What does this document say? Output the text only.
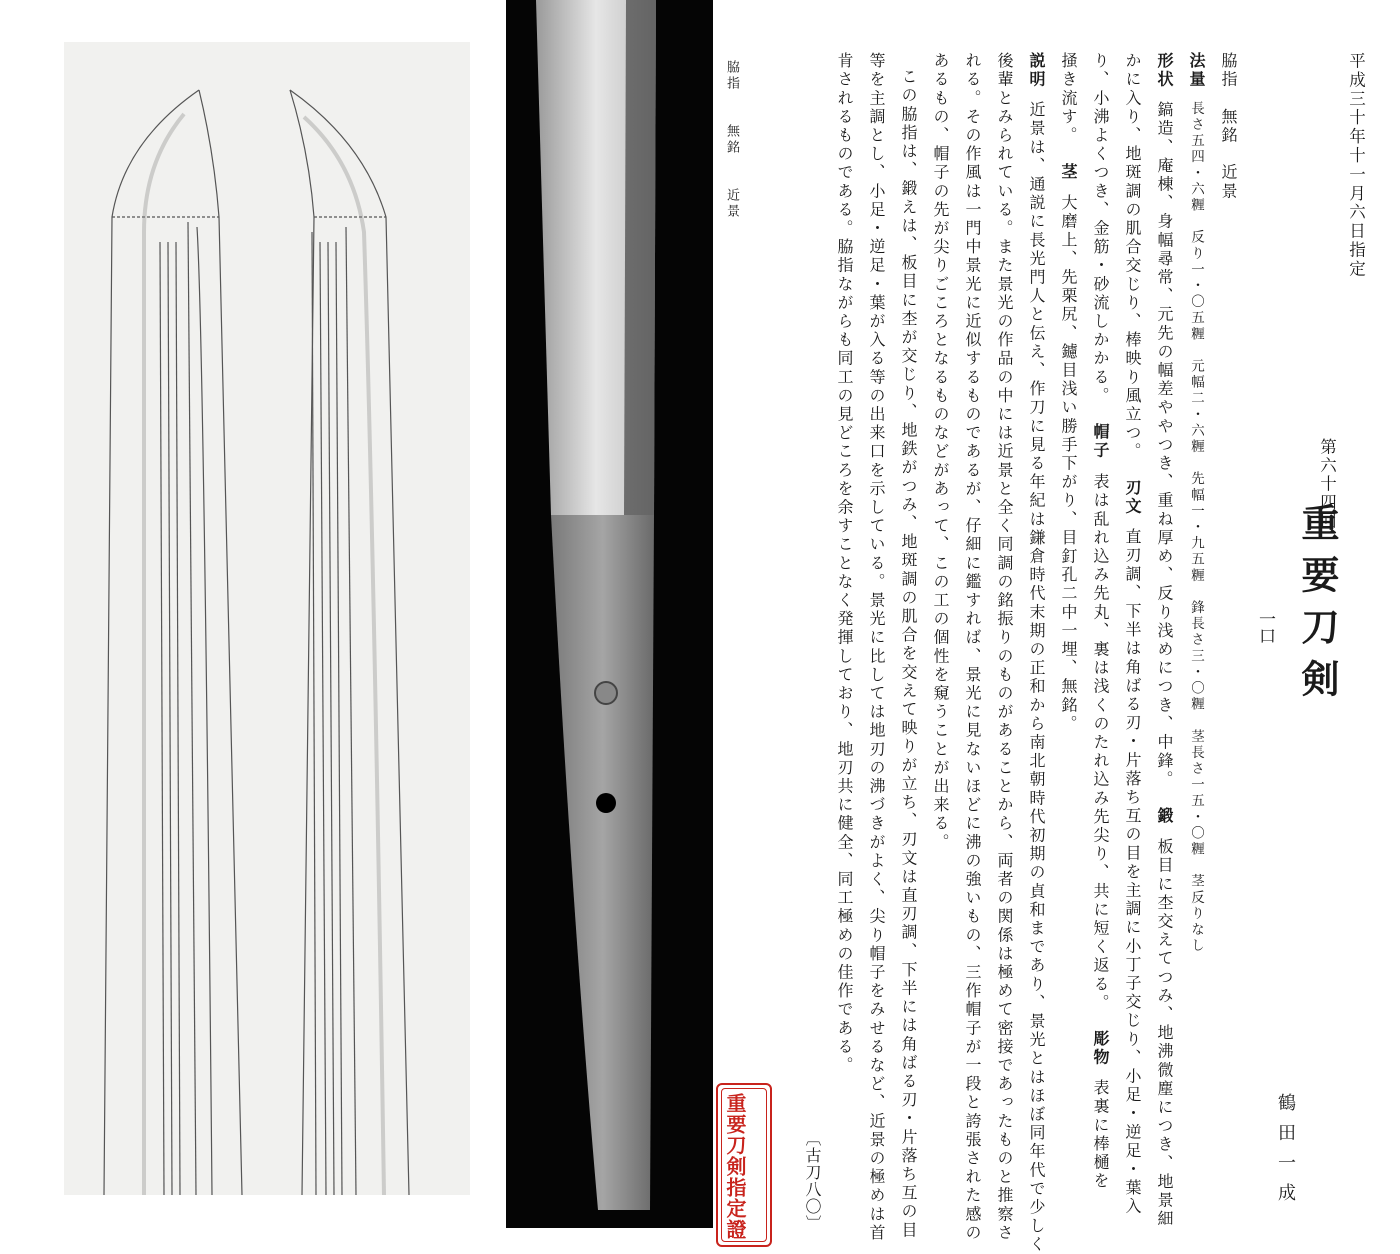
脇指 無銘 近景
重要刀剣指定證
平成三十年十一月六日指定
第六十四回
重要刀剣
一口
鶴田一成
脇指　無銘　近景
法量長さ五四・六糎　反り一・〇五糎　元幅二・六糎　先幅一・九五糎　鋒長さ三・〇糎　茎長さ一五・〇糎　茎反りなし
形状鎬造、庵棟、身幅尋常、元先の幅差ややつき、重ね厚め、反り浅めにつき、中鋒。鍛板目に杢交えてつみ、地沸微塵につき、地景細
かに入り、地斑調の肌合交じり、棒映り風立つ。刃文直刃調、下半は角ばる刃・片落ち互の目を主調に小丁子交じり、小足・逆足・葉入
り、小沸よくつき、金筋・砂流しかかる。帽子表は乱れ込み先丸、裏は浅くのたれ込み先尖り、共に短く返る。彫物表裏に棒樋を
掻き流す。茎大磨上、先栗尻、鑢目浅い勝手下がり、目釘孔二中一埋、無銘。
説明近景は、通説に長光門人と伝え、作刀に見る年紀は鎌倉時代末期の正和から南北朝時代初期の貞和まであり、景光とはほぼ同年代で少しく
後輩とみられている。また景光の作品の中には近景と全く同調の銘振りのものがあることから、両者の関係は極めて密接であったものと推察さ
れる。その作風は一門中景光に近似するものであるが、仔細に鑑すれば、景光に見ないほどに沸の強いもの、三作帽子が一段と誇張された感の
あるもの、帽子の先が尖りごころとなるものなどがあって、この工の個性を窺うことが出来る。
この脇指は、鍛えは、板目に杢が交じり、地鉄がつみ、地斑調の肌合を交えて映りが立ち、刃文は直刃調、下半には角ばる刃・片落ち互の目
等を主調とし、小足・逆足・葉が入る等の出来口を示している。景光に比しては地刃の沸づきがよく、尖り帽子をみせるなど、近景の極めは首
肯されるものである。脇指ながらも同工の見どころを余すことなく発揮しており、地刃共に健全、同工極めの佳作である。
〔古刀八〇〕
